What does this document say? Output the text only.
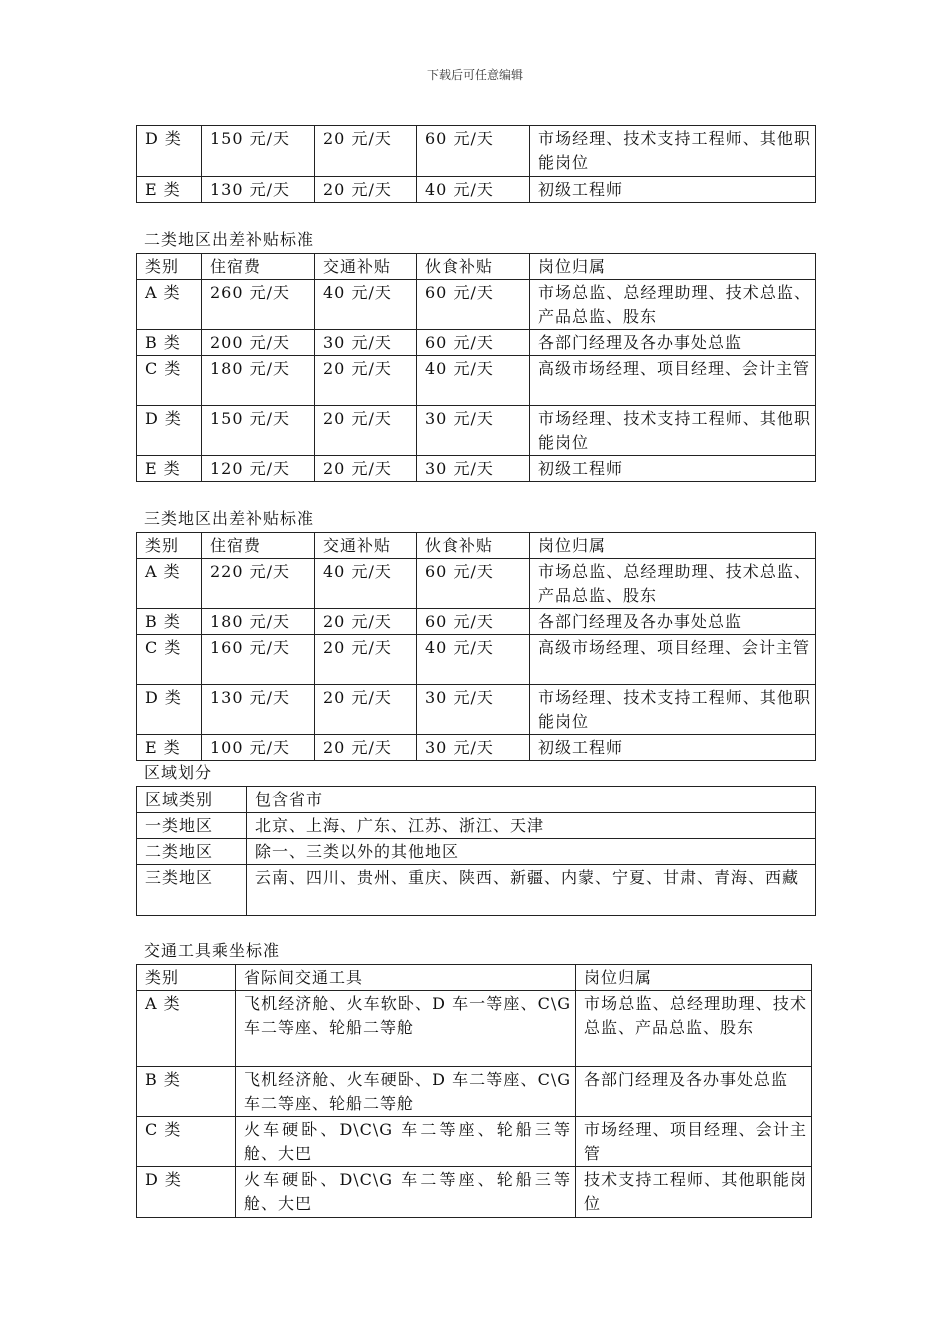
下载后可任意编辑
D 类	150 元/天	20 元/天	60 元/天	市场经理、技术支持工程师、其他职能岗位
E 类	130 元/天	20 元/天	40 元/天	初级工程师
二类地区出差补贴标准
类别	住宿费	交通补贴	伙食补贴	岗位归属
A 类	260 元/天	40 元/天	60 元/天	市场总监、总经理助理、技术总监、产品总监、股东
B 类	200 元/天	30 元/天	60 元/天	各部门经理及各办事处总监
C 类	180 元/天	20 元/天	40 元/天	高级市场经理、项目经理、会计主管
D 类	150 元/天	20 元/天	30 元/天	市场经理、技术支持工程师、其他职能岗位
E 类	120 元/天	20 元/天	30 元/天	初级工程师
三类地区出差补贴标准
类别	住宿费	交通补贴	伙食补贴	岗位归属
A 类	220 元/天	40 元/天	60 元/天	市场总监、总经理助理、技术总监、产品总监、股东
B 类	180 元/天	20 元/天	60 元/天	各部门经理及各办事处总监
C 类	160 元/天	20 元/天	40 元/天	高级市场经理、项目经理、会计主管
D 类	130 元/天	20 元/天	30 元/天	市场经理、技术支持工程师、其他职能岗位
E 类	100 元/天	20 元/天	30 元/天	初级工程师
区域划分
区域类别	包含省市
一类地区	北京、上海、广东、江苏、浙江、天津
二类地区	除一、三类以外的其他地区
三类地区	云南、四川、贵州、重庆、陕西、新疆、内蒙、宁夏、甘肃、青海、西藏
交通工具乘坐标准
类别	省际间交通工具	岗位归属
A 类	飞机经济舱、火车软卧、D 车一等座、C\G 车二等座、轮船二等舱	市场总监、总经理助理、技术总监、产品总监、股东
B 类	飞机经济舱、火车硬卧、D 车二等座、C\G 车二等座、轮船二等舱	各部门经理及各办事处总监
C 类	火车硬卧、D\C\G 车二等座、轮船三等舱、大巴	市场经理、项目经理、会计主管
D 类	火车硬卧、D\C\G 车二等座、轮船三等舱、大巴	技术支持工程师、其他职能岗位
